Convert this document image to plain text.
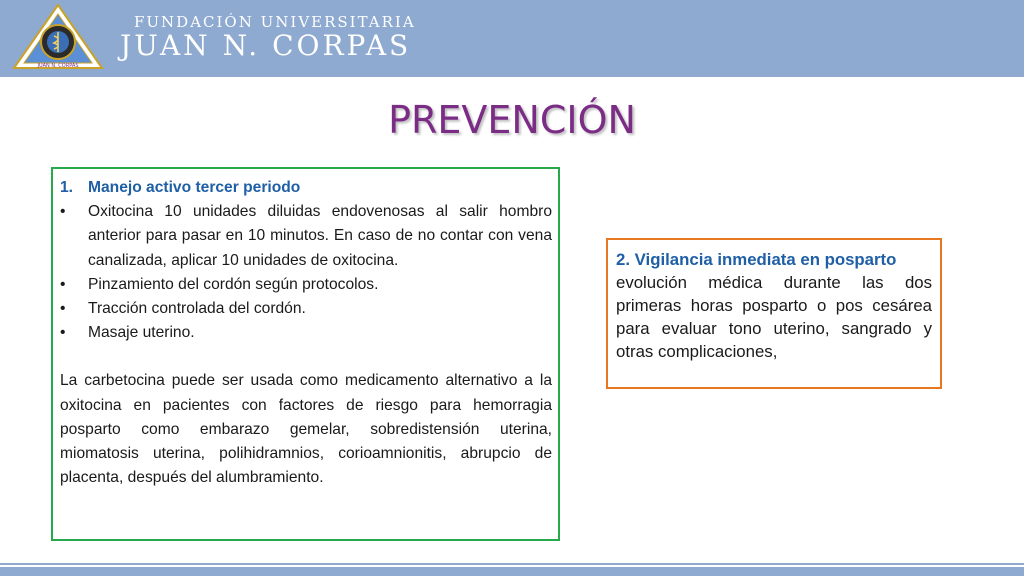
JUAN N. CORPAS
FUNDACIÓN UNIVERSITARIA
JUAN N. CORPAS
PREVENCIÓN
1. Manejo activo tercer periodo
•	Oxitocina 10 unidades diluidas endovenosas al salir hombro anterior para pasar en 10 minutos. En caso de no contar con vena canalizada, aplicar 10 unidades de oxitocina.
•	Pinzamiento del cordón según protocolos.
•	Tracción controlada del cordón.
•	Masaje uterino.
La carbetocina puede ser usada como medicamento alternativo a la oxitocina en pacientes con factores de riesgo para hemorragia posparto como embarazo gemelar, sobredistensión uterina, miomatosis uterina, polihidramnios, corioamnionitis, abrupcio de placenta, después del alumbramiento.
2. Vigilancia inmediata en posparto
evolución médica durante las dos primeras horas posparto o pos cesárea para evaluar tono uterino, sangrado y otras complicaciones,
